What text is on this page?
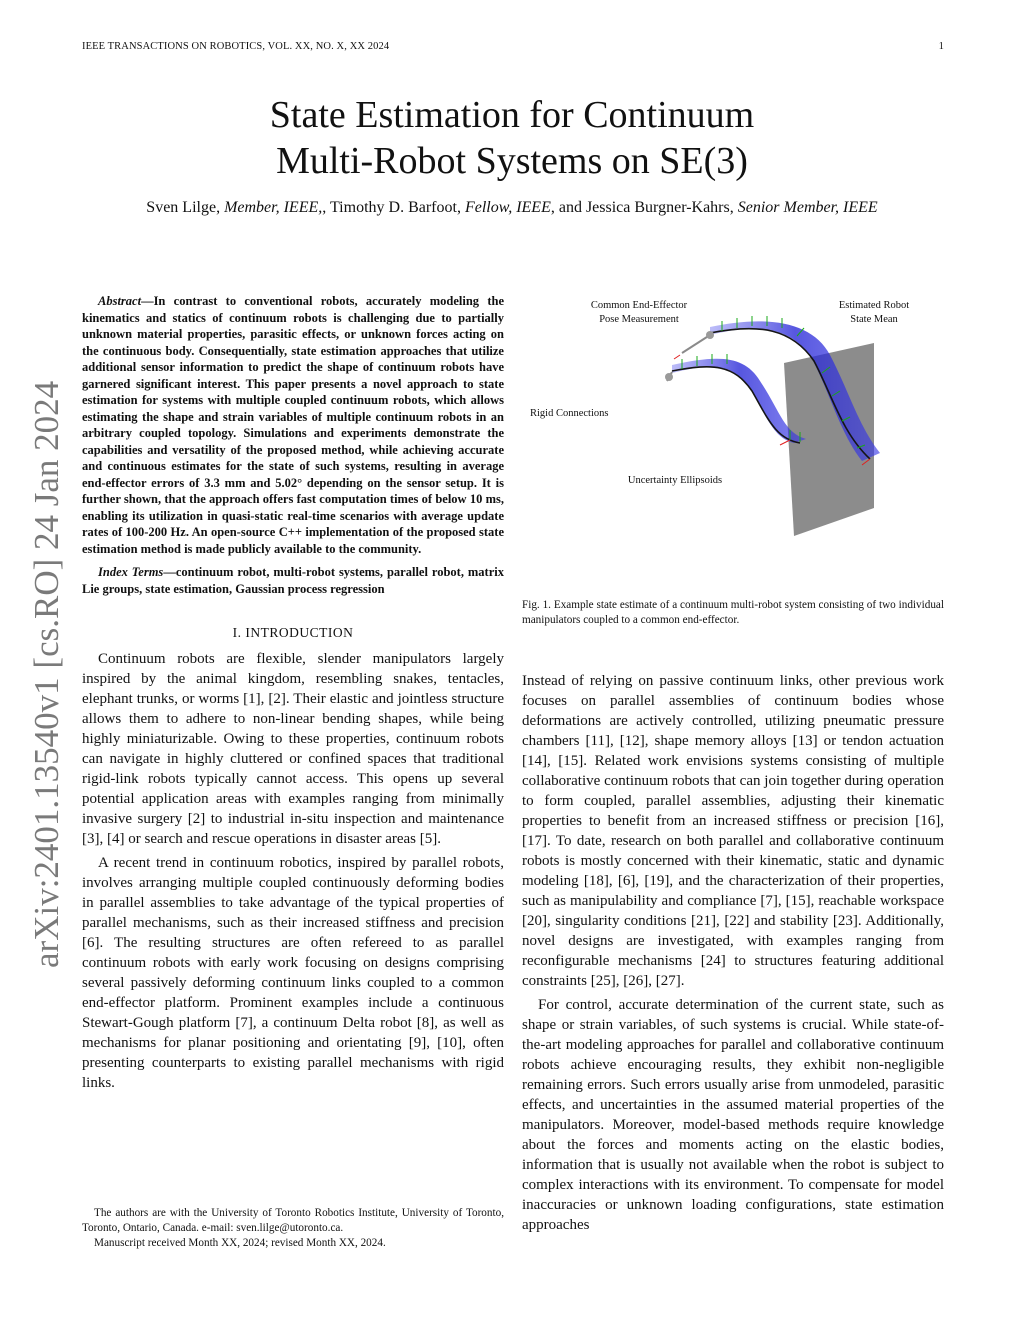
IEEE TRANSACTIONS ON ROBOTICS, VOL. XX, NO. X, XX 2024	1
State Estimation for Continuum
Multi-Robot Systems on SE(3)
Sven Lilge, Member, IEEE,, Timothy D. Barfoot, Fellow, IEEE, and Jessica Burgner-Kahrs, Senior Member, IEEE
arXiv:2401.13540v1 [cs.RO] 24 Jan 2024

Abstract—In contrast to conventional robots, accurately modeling the kinematics and statics of continuum robots is challenging due to partially unknown material properties, parasitic effects, or unknown forces acting on the continuous body. Consequentially, state estimation approaches that utilize additional sensor information to predict the shape of continuum robots have garnered significant interest. This paper presents a novel approach to state estimation for systems with multiple coupled continuum robots, which allows estimating the shape and strain variables of multiple continuum robots in an arbitrary coupled topology. Simulations and experiments demonstrate the capabilities and versatility of the proposed method, while achieving accurate and continuous estimates for the state of such systems, resulting in average end-effector errors of 3.3 mm and 5.02° depending on the sensor setup. It is further shown, that the approach offers fast computation times of below 10 ms, enabling its utilization in quasi-static real-time scenarios with average update rates of 100-200 Hz. An open-source C++ implementation of the proposed state estimation method is made publicly available to the community.

Index Terms—continuum robot, multi-robot systems, parallel robot, matrix Lie groups, state estimation, Gaussian process regression

I. INTRODUCTION

Continuum robots are flexible, slender manipulators largely inspired by the animal kingdom, resembling snakes, tentacles, elephant trunks, or worms [1], [2]. Their elastic and jointless structure allows them to adhere to non-linear bending shapes, while being highly miniaturizable. Owing to these properties, continuum robots can navigate in highly cluttered or confined spaces that traditional rigid-link robots typically cannot access. This opens up several potential application areas with examples ranging from minimally invasive surgery [2] to industrial in-situ inspection and maintenance [3], [4] or search and rescue operations in disaster areas [5].

A recent trend in continuum robotics, inspired by parallel robots, involves arranging multiple coupled continuously deforming bodies in parallel assemblies to take advantage of the typical properties of parallel mechanisms, such as their increased stiffness and precision [6]. The resulting structures are often refereed to as parallel continuum robots with early work focusing on designs comprising several passively deforming continuum links coupled to a common end-effector platform. Prominent examples include a continuous Stewart-Gough platform [7], a continuum Delta robot [8], as well as mechanisms for planar positioning and orientating [9], [10], often presenting counterparts to existing parallel mechanisms with rigid links.

The authors are with the University of Toronto Robotics Institute, University of Toronto, Toronto, Ontario, Canada. e-mail: sven.lilge@utoronto.ca.

Manuscript received Month XX, 2024; revised Month XX, 2024.

Common End-Effector
Pose Measurement
Estimated Robot
State Mean
Rigid Connections
Uncertainty Ellipsoids
Fig. 1. Example state estimate of a continuum multi-robot system consisting of two individual manipulators coupled to a common end-effector.

Instead of relying on passive continuum links, other previous work focuses on parallel assemblies of continuum bodies whose deformations are actively controlled, utilizing pneumatic pressure chambers [11], [12], shape memory alloys [13] or tendon actuation [14], [15]. Related work envisions systems consisting of multiple collaborative continuum robots that can join together during operation to form coupled, parallel assemblies, adjusting their kinematic properties to benefit from an increased stiffness or precision [16], [17]. To date, research on both parallel and collaborative continuum robots is mostly concerned with their kinematic, static and dynamic modeling [18], [6], [19], and the characterization of their properties, such as manipulability and compliance [7], [15], reachable workspace [20], singularity conditions [21], [22] and stability [23]. Additionally, novel designs are investigated, with examples ranging from reconfigurable mechanisms [24] to structures featuring additional constraints [25], [26], [27].

For control, accurate determination of the current state, such as shape or strain variables, of such systems is crucial. While state-of-the-art modeling approaches for parallel and collaborative continuum robots achieve encouraging results, they exhibit non-negligible remaining errors. Such errors usually arise from unmodeled, parasitic effects, and uncertainties in the assumed material properties of the manipulators. Moreover, model-based methods require knowledge about the forces and moments acting on the elastic bodies, information that is usually not available when the robot is subject to complex interactions with its environment. To compensate for model inaccuracies or unknown loading configurations, state estimation approaches
